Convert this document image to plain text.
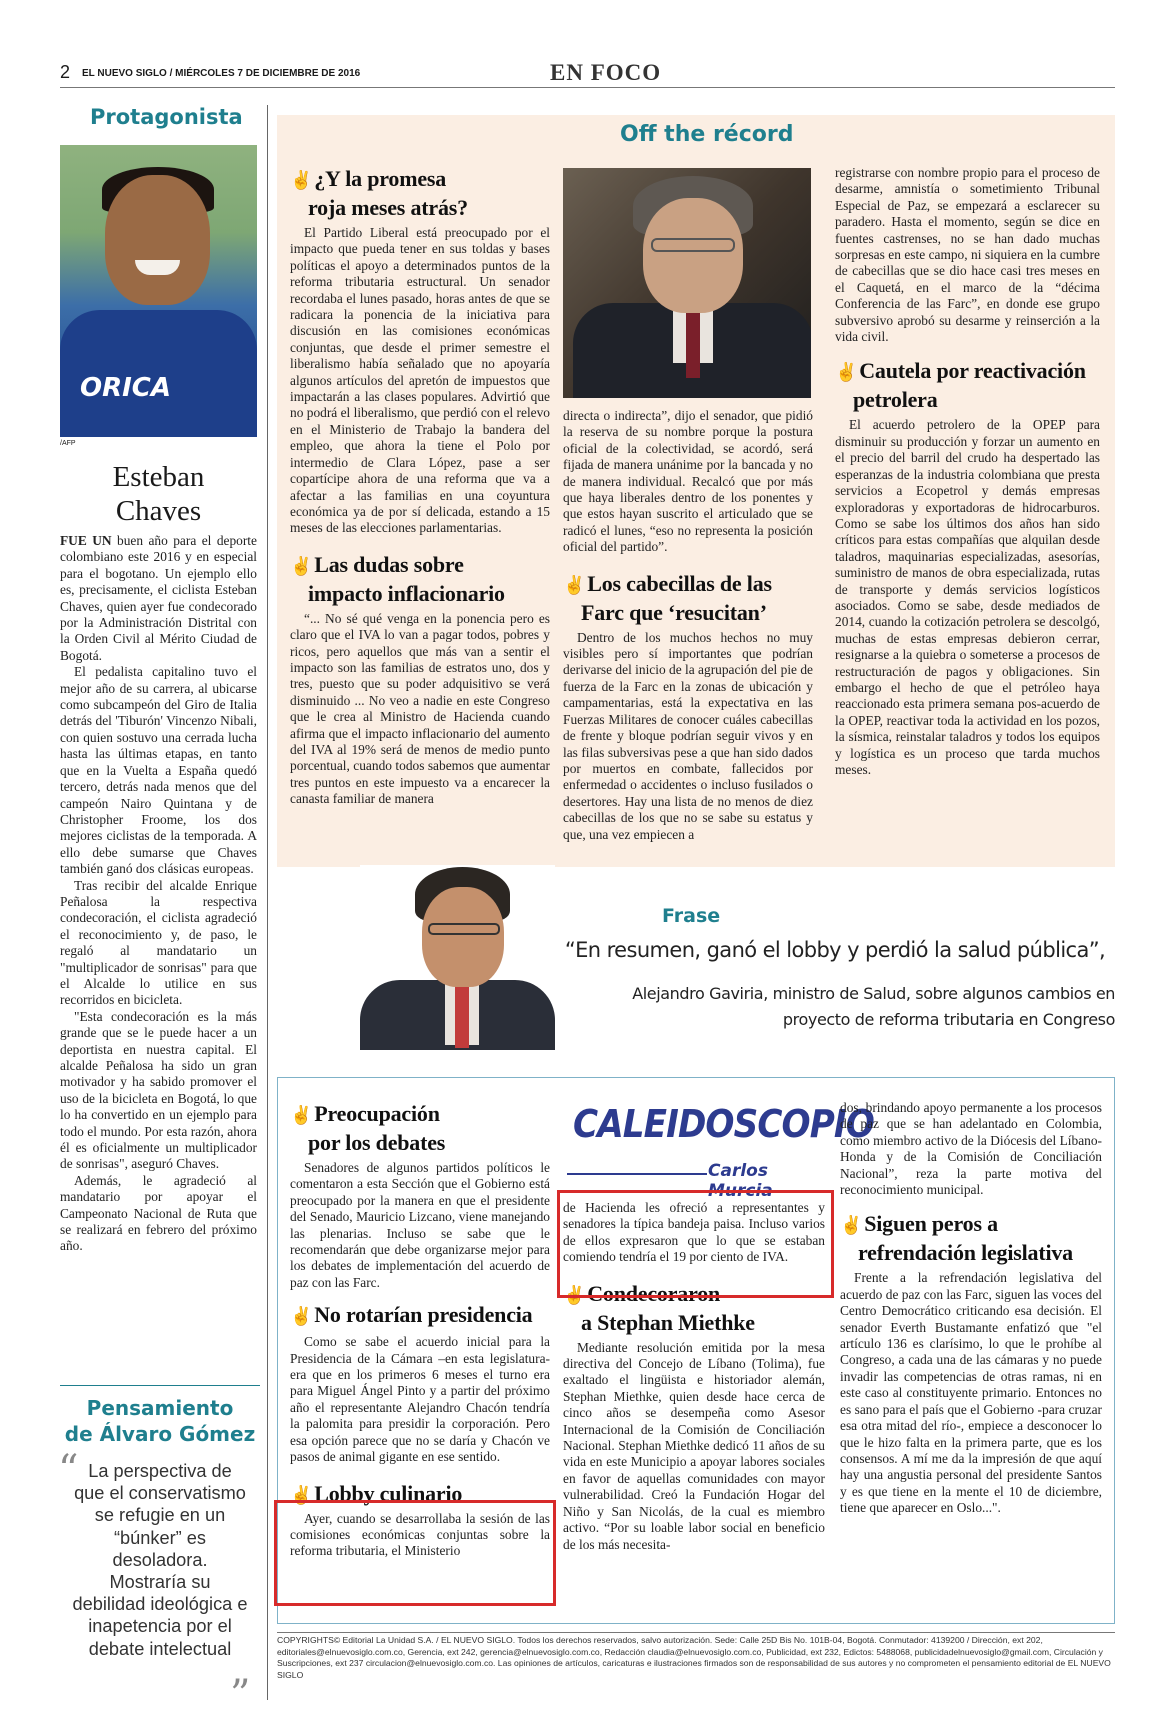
2 EL NUEVO SIGLO / MIÉRCOLES 7 DE DICIEMBRE DE 2016	EN FOCO
Protagonista
ORICA
/AFP
Esteban
Chaves

FUE UN buen año para el deporte colombiano este 2016 y en especial para el bogotano. Un ejemplo ello es, precisamente, el ciclista Esteban Chaves, quien ayer fue condecorado por la Administración Distrital con la Orden Civil al Mérito Ciudad de Bogotá.

El pedalista capitalino tuvo el mejor año de su carrera, al ubicarse como subcampeón del Giro de Italia detrás del 'Tiburón' Vincenzo Nibali, con quien sostuvo una cerrada lucha hasta las últimas etapas, en tanto que en la Vuelta a España quedó tercero, detrás nada menos que del campeón Nairo Quintana y de Christopher Froome, los dos mejores ciclistas de la temporada. A ello debe sumarse que Chaves también ganó dos clásicas europeas.

Tras recibir del alcalde Enrique Peñalosa la respectiva condecoración, el ciclista agradeció el reconocimiento y, de paso, le regaló al mandatario un "multiplicador de sonrisas" para que el Alcalde lo utilice en sus recorridos en bicicleta.

"Esta condecoración es la más grande que se le puede hacer a un deportista en nuestra capital. El alcalde Peñalosa ha sido un gran motivador y ha sabido promover el uso de la bicicleta en Bogotá, lo que lo ha convertido en un ejemplo para todo el mundo. Por esta razón, ahora él es oficialmente un multiplicador de sonrisas", aseguró Chaves.

Además, le agradeció al mandatario por apoyar el Campeonato Nacional de Ruta que se realizará en febrero del próximo año.

Pensamiento
de Álvaro Gómez
“ La perspectiva de que el conservatismo se refugie en un “búnker” es desoladora. Mostraría su debilidad ideológica e inapetencia por el debate intelectual
”
Off the récord
✌¿Y la promesa
roja meses atrás?

El Partido Liberal está preocupado por el impacto que pueda tener en sus toldas y bases políticas el apoyo a determinados puntos de la reforma tributaria estructural. Un senador recordaba el lunes pasado, horas antes de que se radicara la ponencia de la iniciativa para discusión en las comisiones económicas conjuntas, que desde el primer semestre el liberalismo había señalado que no apoyaría algunos artículos del apretón de impuestos que impactarán a las clases populares. Advirtió que no podrá el liberalismo, que perdió con el relevo en el Ministerio de Trabajo la bandera del empleo, que ahora la tiene el Polo por intermedio de Clara López, pase a ser copartícipe ahora de una reforma que va a afectar a las familias en una coyuntura económica ya de por sí delicada, estando a 15 meses de las elecciones parlamentarias.

✌Las dudas sobre
impacto inflacionario

“... No sé qué venga en la ponencia pero es claro que el IVA lo van a pagar todos, pobres y ricos, pero aquellos que más van a sentir el impacto son las familias de estratos uno, dos y tres, puesto que su poder adquisitivo se verá disminuido ... No veo a nadie en este Congreso que le crea al Ministro de Hacienda cuando afirma que el impacto inflacionario del aumento del IVA al 19% será de menos de medio punto porcentual, cuando todos sabemos que aumentar tres puntos en este impuesto va a encarecer la canasta familiar de manera

directa o indirecta”, dijo el senador, que pidió la reserva de su nombre porque la postura oficial de la colectividad, se acordó, será fijada de manera unánime por la bancada y no de manera individual. Recalcó que por más que haya liberales dentro de los ponentes y que estos hayan suscrito el articulado que se radicó el lunes, “eso no representa la posición oficial del partido”.

✌Los cabecillas de las
Farc que ‘resucitan’

Dentro de los muchos hechos no muy visibles pero sí importantes que podrían derivarse del inicio de la agrupación del pie de fuerza de la Farc en la zonas de ubicación y campamentarias, está la expectativa en las Fuerzas Militares de conocer cuáles cabecillas de frente y bloque podrían seguir vivos y en las filas subversivas pese a que han sido dados por muertos en combate, fallecidos por enfermedad o accidentes o incluso fusilados o desertores. Hay una lista de no menos de diez cabecillas de los que no se sabe su estatus y que, una vez empiecen a

registrarse con nombre propio para el proceso de desarme, amnistía o sometimiento Tribunal Especial de Paz, se empezará a esclarecer su paradero. Hasta el momento, según se dice en fuentes castrenses, no se han dado muchas sorpresas en este campo, ni siquiera en la cumbre de cabecillas que se dio hace casi tres meses en el Caquetá, en el marco de la “décima Conferencia de las Farc”, en donde ese grupo subversivo aprobó su desarme y reinserción a la vida civil.

✌Cautela por reactivación
petrolera

El acuerdo petrolero de la OPEP para disminuir su producción y forzar un aumento en el precio del barril del crudo ha despertado las esperanzas de la industria colombiana que presta servicios a Ecopetrol y demás empresas exploradoras y exportadoras de hidrocarburos. Como se sabe los últimos dos años han sido críticos para estas compañías que alquilan desde taladros, maquinarias especializadas, asesorías, suministro de manos de obra especializada, rutas de transporte y demás servicios logísticos asociados. Como se sabe, desde mediados de 2014, cuando la cotización petrolera se descolgó, muchas de estas empresas debieron cerrar, resignarse a la quiebra o someterse a procesos de restructuración de pagos y obligaciones. Sin embargo el hecho de que el petróleo haya reaccionado esta primera semana pos-acuerdo de la OPEP, reactivar toda la actividad en los pozos, la sísmica, reinstalar taladros y todos los equipos y logística es un proceso que tarda muchos meses.

Frase
“En resumen, ganó el lobby y perdió la salud pública”,
Alejandro Gaviria, ministro de Salud, sobre algunos cambios en
proyecto de reforma tributaria en Congreso
✌Preocupación
por los debates

Senadores de algunos partidos políticos le comentaron a esta Sección que el Gobierno está preocupado por la manera en que el presidente del Senado, Mauricio Lizcano, viene manejando las plenarias. Incluso se sabe que le recomendarán que debe organizarse mejor para los debates de implementación del acuerdo de paz con las Farc.

✌No rotarían presidencia

Como se sabe el acuerdo inicial para la Presidencia de la Cámara –en esta legislatura- era que en los primeros 6 meses el turno era para Miguel Ángel Pinto y a partir del próximo año el representante Alejandro Chacón tendría la palomita para presidir la corporación. Pero esa opción parece que no se daría y Chacón ve pasos de animal gigante en ese sentido.

✌Lobby culinario

Ayer, cuando se desarrollaba la sesión de las comisiones económicas conjuntas sobre la reforma tributaria, el Ministerio

CALEIDOSCOPIO
Carlos Murcia

de Hacienda les ofreció a representantes y senadores la típica bandeja paisa. Incluso varios de ellos expresaron que lo que se estaban comiendo tendría el 19 por ciento de IVA.

✌Condecoraron
a Stephan Miethke

Mediante resolución emitida por la mesa directiva del Concejo de Líbano (Tolima), fue exaltado el lingüista e historiador alemán, Stephan Miethke, quien desde hace cerca de cinco años se desempeña como Asesor Internacional de la Comisión de Conciliación Nacional. Stephan Miethke dedicó 11 años de su vida en este Municipio a apoyar labores sociales en favor de aquellas comunidades con mayor vulnerabilidad. Creó la Fundación Hogar del Niño y San Nicolás, de la cual es miembro activo. “Por su loable labor social en beneficio de los más necesita-

dos, brindando apoyo permanente a los procesos de paz que se han adelantado en Colombia, como miembro activo de la Diócesis del Líbano- Honda y de la Comisión de Conciliación Nacional”, reza la parte motiva del reconocimiento municipal.

✌Siguen peros a
refrendación legislativa

Frente a la refrendación legislativa del acuerdo de paz con las Farc, siguen las voces del Centro Democrático criticando esa decisión. El senador Everth Bustamante enfatizó que "el artículo 136 es clarísimo, lo que le prohíbe al Congreso, a cada una de las cámaras y no puede invadir las competencias de otras ramas, ni en este caso al constituyente primario. Entonces no es sano para el país que el Gobierno -para cruzar esa otra mitad del río-, empiece a desconocer lo que le hizo falta en la primera parte, que es los consensos. A mí me da la impresión de que aquí hay una angustia personal del presidente Santos y es que tiene en la mente el 10 de diciembre, tiene que aparecer en Oslo...".

COPYRIGHTS© Editorial La Unidad S.A. / EL NUEVO SIGLO. Todos los derechos reservados, salvo autorización. Sede: Calle 25D Bis No. 101B-04, Bogotá. Conmutador: 4139200 / Dirección, ext 202, editoriales@elnuevosiglo.com.co, Gerencia, ext 242, gerencia@elnuevosiglo.com.co, Redacción claudia@elnuevosiglo.com.co, Publicidad, ext 232, Edictos: 5488068, publicidadelnuevosiglo@gmail.com, Circulación y Suscripciones, ext 237 circulacion@elnuevosiglo.com.co. Las opiniones de artículos, caricaturas e ilustraciones firmados son de responsabilidad de sus autores y no comprometen el pensamiento editorial de EL NUEVO SIGLO
